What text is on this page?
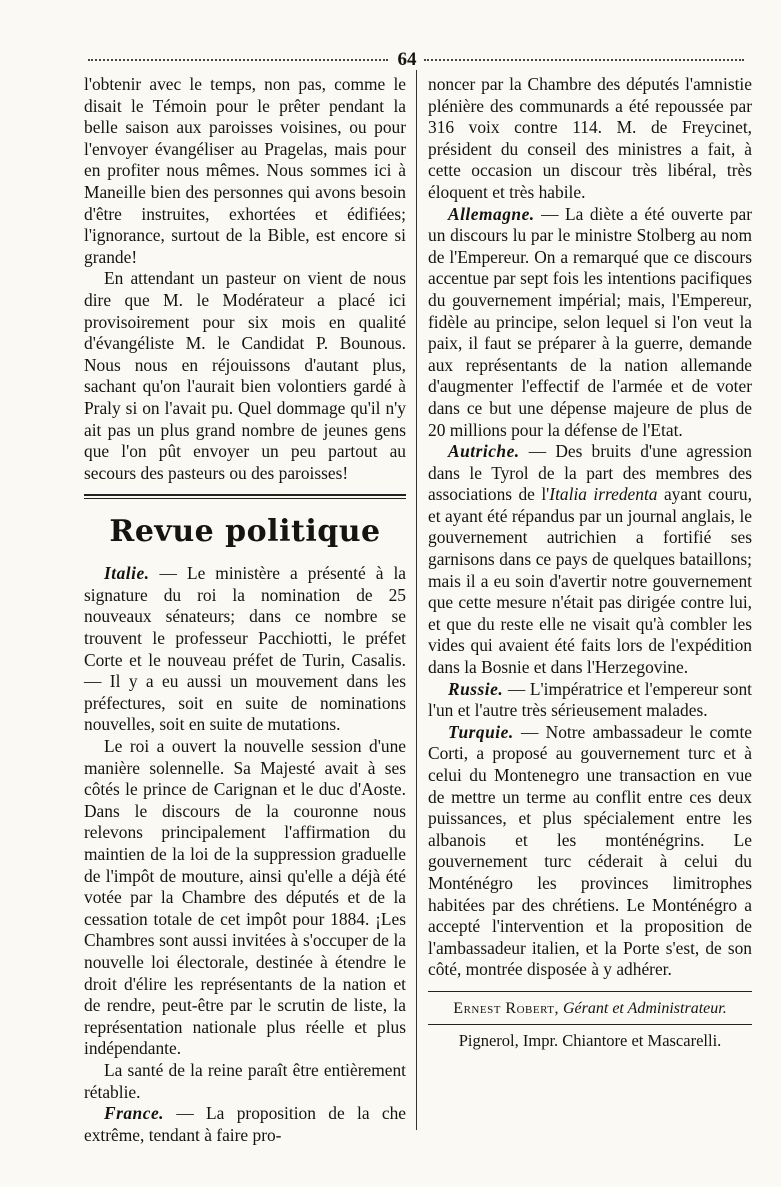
64

l'obtenir avec le temps, non pas, comme le disait le Témoin pour le prêter pendant la belle saison aux paroisses voisines, ou pour l'envoyer évangéliser au Pragelas, mais pour en profiter nous mêmes. Nous sommes ici à Maneille bien des personnes qui avons besoin d'être instruites, exhortées et édifiées; l'ignorance, surtout de la Bible, est encore si grande!

En attendant un pasteur on vient de nous dire que M. le Modérateur a placé ici provisoirement pour six mois en qualité d'évangéliste M. le Candidat P. Bounous. Nous nous en réjouissons d'autant plus, sachant qu'on l'aurait bien volontiers gardé à Praly si on l'avait pu. Quel dommage qu'il n'y ait pas un plus grand nombre de jeunes gens que l'on pût envoyer un peu partout au secours des pasteurs ou des paroisses!

Revue politique

Italie. — Le ministère a présenté à la signature du roi la nomination de 25 nouveaux sénateurs; dans ce nombre se trouvent le professeur Pacchiotti, le préfet Corte et le nouveau préfet de Turin, Casalis. — Il y a eu aussi un mouvement dans les préfectures, soit en suite de nominations nouvelles, soit en suite de mutations.

Le roi a ouvert la nouvelle session d'une manière solennelle. Sa Majesté avait à ses côtés le prince de Carignan et le duc d'Aoste. Dans le discours de la couronne nous relevons principalement l'affirmation du maintien de la loi de la suppression graduelle de l'impôt de mouture, ainsi qu'elle a déjà été votée par la Chambre des députés et de la cessation totale de cet impôt pour 1884. ¡Les Chambres sont aussi invitées à s'occuper de la nouvelle loi électorale, destinée à étendre le droit d'élire les représentants de la nation et de rendre, peut-être par le scrutin de liste, la représentation nationale plus réelle et plus indépendante.

La santé de la reine paraît être entièrement rétablie.

France. — La proposition de la che extrême, tendant à faire pro-

noncer par la Chambre des députés l'amnistie plénière des communards a été repoussée par 316 voix contre 114. M. de Freycinet, président du conseil des ministres a fait, à cette occasion un discour très libéral, très éloquent et très habile.

Allemagne. — La diète a été ouverte par un discours lu par le ministre Stolberg au nom de l'Empereur. On a remarqué que ce discours accentue par sept fois les intentions pacifiques du gouvernement impérial; mais, l'Empereur, fidèle au principe, selon lequel si l'on veut la paix, il faut se préparer à la guerre, demande aux représentants de la nation allemande d'augmenter l'effectif de l'armée et de voter dans ce but une dépense majeure de plus de 20 millions pour la défense de l'Etat.

Autriche. — Des bruits d'une agression dans le Tyrol de la part des membres des associations de l'Italia irredenta ayant couru, et ayant été répandus par un journal anglais, le gouvernement autrichien a fortifié ses garnisons dans ce pays de quelques bataillons; mais il a eu soin d'avertir notre gouvernement que cette mesure n'était pas dirigée contre lui, et que du reste elle ne visait qu'à combler les vides qui avaient été faits lors de l'expédition dans la Bosnie et dans l'Herzegovine.

Russie. — L'impératrice et l'empereur sont l'un et l'autre très sérieusement malades.

Turquie. — Notre ambassadeur le comte Corti, a proposé au gouvernement turc et à celui du Montenegro une transaction en vue de mettre un terme au conflit entre ces deux puissances, et plus spécialement entre les albanois et les monténégrins. Le gouvernement turc céderait à celui du Monténégro les provinces limitrophes habitées par des chrétiens. Le Monténégro a accepté l'intervention et la proposition de l'ambassadeur italien, et la Porte s'est, de son côté, montrée disposée à y adhérer.

Ernest Robert, Gérant et Administrateur.
Pignerol, Impr. Chiantore et Mascarelli.
